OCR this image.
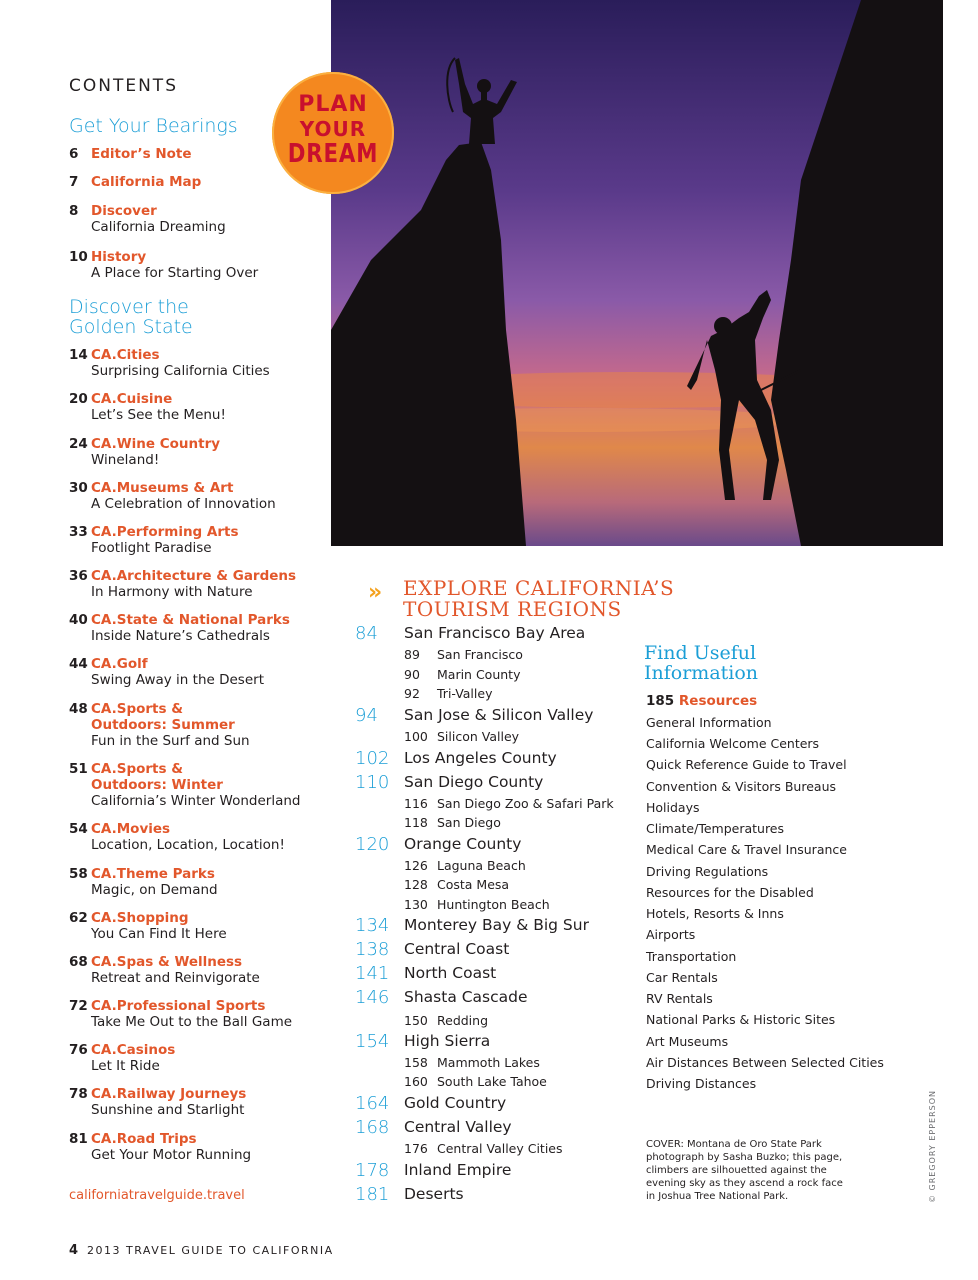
PLAN
YOUR
DREAM
CONTENTS
Get Your Bearings
6 Editor’s Note
7 California Map
8 Discover
California Dreaming
10 History
A Place for Starting Over
Discover the
Golden State
14 CA.Cities
Surprising California Cities
20 CA.Cuisine
Let’s See the Menu!
24 CA.Wine Country
Wineland!
30 CA.Museums & Art
A Celebration of Innovation
33 CA.Performing Arts
Footlight Paradise
36 CA.Architecture & Gardens
In Harmony with Nature
40 CA.State & National Parks
Inside Nature’s Cathedrals
44 CA.Golf
Swing Away in the Desert
48 CA.Sports &
Outdoors: Summer
Fun in the Surf and Sun
51 CA.Sports &
Outdoors: Winter
California’s Winter Wonderland
54 CA.Movies
Location, Location, Location!
58 CA.Theme Parks
Magic, on Demand
62 CA.Shopping
You Can Find It Here
68 CA.Spas & Wellness
Retreat and Reinvigorate
72 CA.Professional Sports
Take Me Out to the Ball Game
76 CA.Casinos
Let It Ride
78 CA.Railway Journeys
Sunshine and Starlight
81 CA.Road Trips
Get Your Motor Running
californiatravelguide.travel
4 2013 TRAVEL GUIDE TO CALIFORNIA
» EXPLORE CALIFORNIA’S
TOURISM REGIONS
84	San Francisco Bay Area
89 San Francisco
90 Marin County
92 Tri-Valley
94	San Jose & Silicon Valley
100 Silicon Valley
102 Los Angeles County
110 San Diego County
116 San Diego Zoo & Safari Park
118 San Diego
120 Orange County
126 Laguna Beach
128 Costa Mesa
130 Huntington Beach
134 Monterey Bay & Big Sur
138 Central Coast
141 North Coast
146 Shasta Cascade
150 Redding
154 High Sierra
158 Mammoth Lakes
160 South Lake Tahoe
164 Gold Country
168 Central Valley
176 Central Valley Cities
178 Inland Empire
181 Deserts
Find Useful
Information
185 Resources
General Information
California Welcome Centers
Quick Reference Guide to Travel
Convention & Visitors Bureaus
Holidays
Climate/Temperatures
Medical Care & Travel Insurance
Driving Regulations
Resources for the Disabled
Hotels, Resorts & Inns
Airports
Transportation
Car Rentals
RV Rentals
National Parks & Historic Sites
Art Museums
Air Distances Between Selected Cities
Driving Distances
COVER: Montana de Oro State Park photograph by Sasha Buzko; this page, climbers are silhouetted against the evening sky as they ascend a rock face in Joshua Tree National Park.	© GREGORY EPPERSON
